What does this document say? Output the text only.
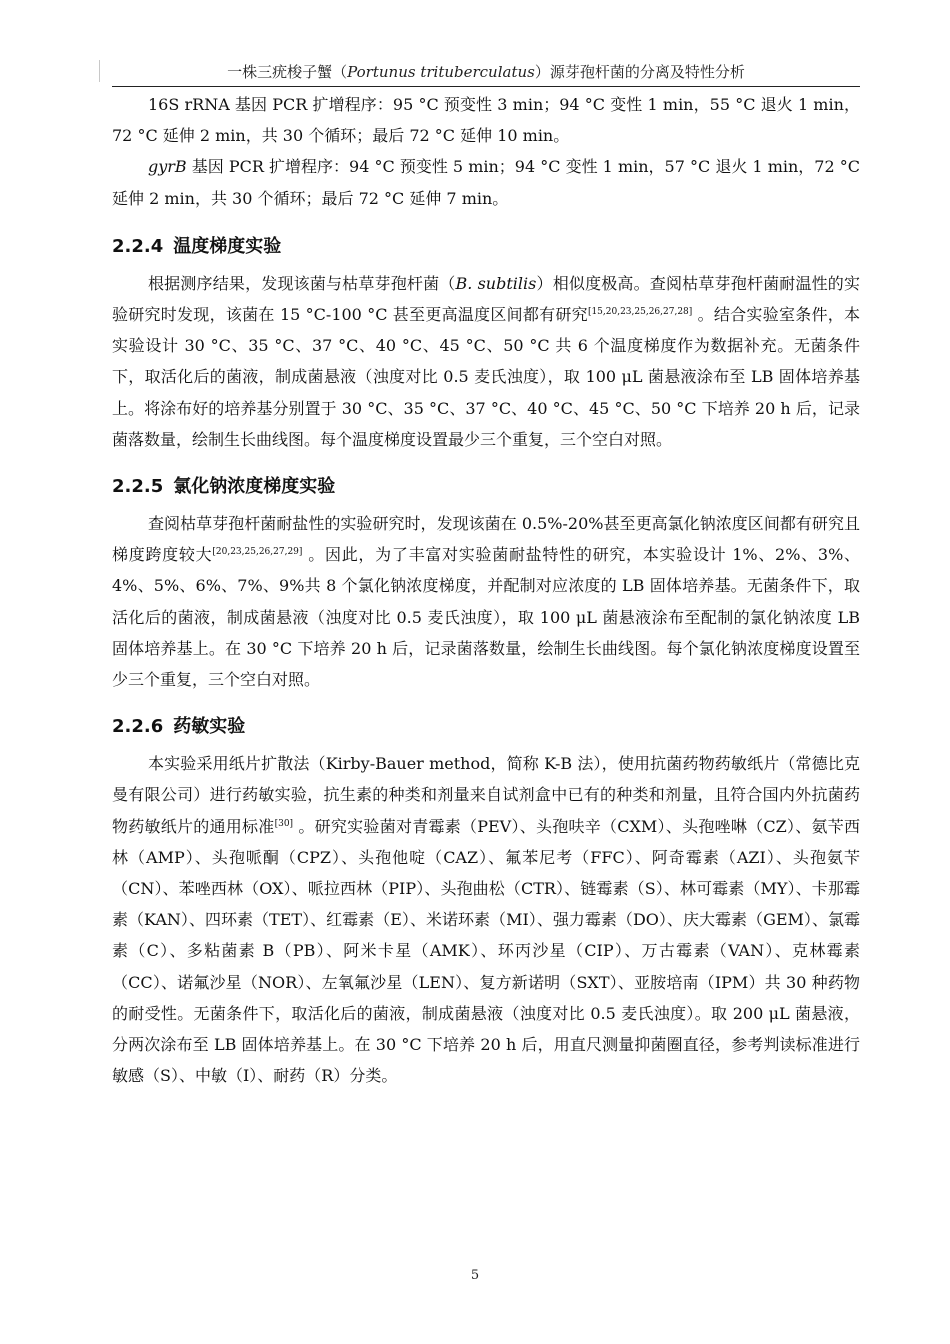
一株三疣梭子蟹（Portunus trituberculatus）源芽孢杆菌的分离及特性分析

16S rRNA 基因 PCR 扩增程序：95 °C 预变性 3 min；94 °C 变性 1 min，55 °C 退火 1 min，72 °C 延伸 2 min，共 30 个循环；最后 72 °C 延伸 10 min。

gyrB 基因 PCR 扩增程序：94 °C 预变性 5 min；94 °C 变性 1 min，57 °C 退火 1 min，72 °C 延伸 2 min，共 30 个循环；最后 72 °C 延伸 7 min。

2.2.4 温度梯度实验

根据测序结果，发现该菌与枯草芽孢杆菌（B. subtilis）相似度极高。查阅枯草芽孢杆菌耐温性的实验研究时发现，该菌在 15 °C-100 °C 甚至更高温度区间都有研究[15,20,23,25,26,27,28] 。结合实验室条件，本实验设计 30 °C、35 °C、37 °C、40 °C、45 °C、50 °C 共 6 个温度梯度作为数据补充。无菌条件下，取活化后的菌液，制成菌悬液（浊度对比 0.5 麦氏浊度），取 100 μL 菌悬液涂布至 LB 固体培养基上。将涂布好的培养基分别置于 30 °C、35 °C、37 °C、40 °C、45 °C、50 °C 下培养 20 h 后，记录菌落数量，绘制生长曲线图。每个温度梯度设置最少三个重复，三个空白对照。

2.2.5 氯化钠浓度梯度实验

查阅枯草芽孢杆菌耐盐性的实验研究时，发现该菌在 0.5%-20%甚至更高氯化钠浓度区间都有研究且梯度跨度较大[20,23,25,26,27,29] 。因此，为了丰富对实验菌耐盐特性的研究，本实验设计 1%、2%、3%、4%、5%、6%、7%、9%共 8 个氯化钠浓度梯度，并配制对应浓度的 LB 固体培养基。无菌条件下，取活化后的菌液，制成菌悬液（浊度对比 0.5 麦氏浊度），取 100 μL 菌悬液涂布至配制的氯化钠浓度 LB 固体培养基上。在 30 °C 下培养 20 h 后，记录菌落数量，绘制生长曲线图。每个氯化钠浓度梯度设置至少三个重复，三个空白对照。

2.2.6 药敏实验

本实验采用纸片扩散法（Kirby-Bauer method，简称 K-B 法），使用抗菌药物药敏纸片（常德比克曼有限公司）进行药敏实验，抗生素的种类和剂量来自试剂盒中已有的种类和剂量，且符合国内外抗菌药物药敏纸片的通用标准[30] 。研究实验菌对青霉素（PEV）、头孢呋辛（CXM）、头孢唑啉（CZ）、氨苄西林（AMP）、头孢哌酮（CPZ）、头孢他啶（CAZ）、氟苯尼考（FFC）、阿奇霉素（AZI）、头孢氨苄（CN）、苯唑西林（OX）、哌拉西林（PIP）、头孢曲松（CTR）、链霉素（S）、林可霉素（MY）、卡那霉素（KAN）、四环素（TET）、红霉素（E）、米诺环素（MI）、强力霉素（DO）、庆大霉素（GEM）、氯霉素（C）、多粘菌素 B（PB）、阿米卡星（AMK）、环丙沙星（CIP）、万古霉素（VAN）、克林霉素（CC）、诺氟沙星（NOR）、左氧氟沙星（LEN）、复方新诺明（SXT）、亚胺培南（IPM）共 30 种药物的耐受性。无菌条件下，取活化后的菌液，制成菌悬液（浊度对比 0.5 麦氏浊度）。取 200 μL 菌悬液，分两次涂布至 LB 固体培养基上。在 30 °C 下培养 20 h 后，用直尺测量抑菌圈直径，参考判读标准进行敏感（S）、中敏（I）、耐药（R）分类。

5
